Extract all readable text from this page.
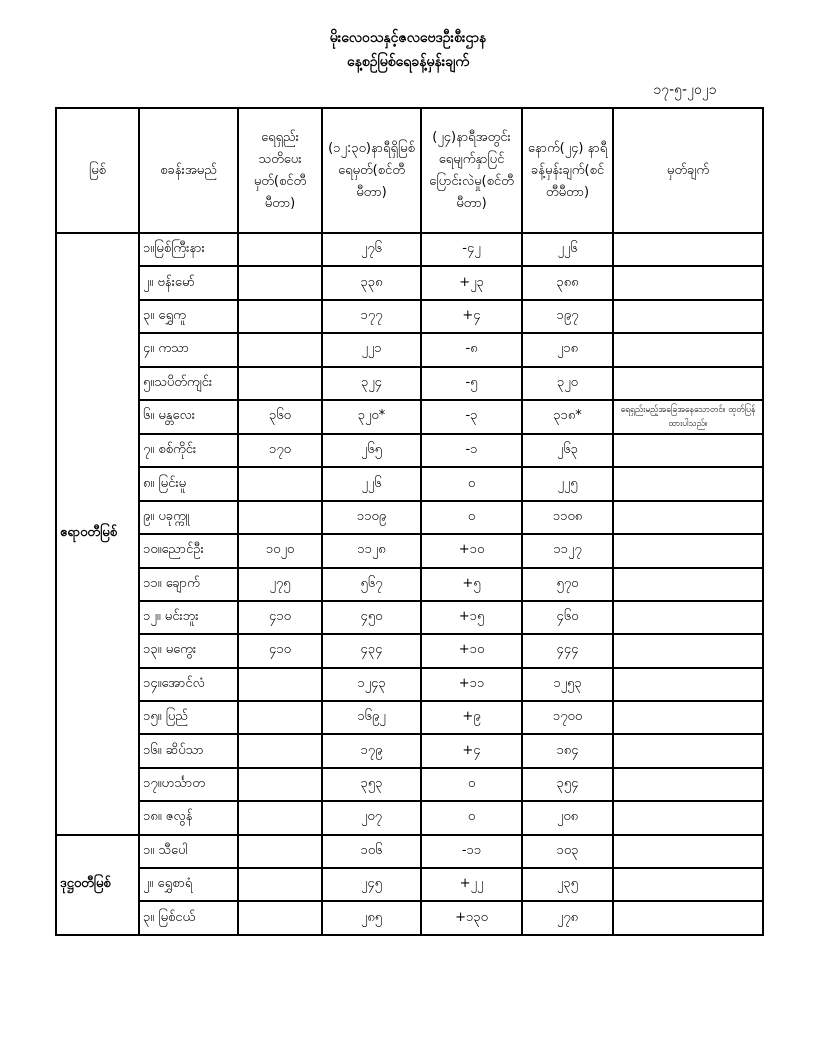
မိုးလေဝသနှင့်ဇလဗေဒဦးစီးဌာန
နေ့စဉ်မြစ်ရေခန့်မှန်းချက်
၁၇-၅-၂၀၂၁
မြစ်	စခန်းအမည်	ရေရှည်းသတိပေးမှတ်(စင်တီမီတာ)	(၁၂:၃၀)နာရီရှိမြစ်ရေမှတ်(စင်တီမီတာ)	(၂၄)နာရီအတွင်းရေမျက်နှာပြင်ပြောင်းလဲမှု(စင်တီမီတာ)	နောက်(၂၄) နာရီခန့်မှန်းချက်(စင်တီမီတာ)	မှတ်ချက်
ဧရာဝတီမြစ်	၁။မြစ်ကြီးနား		၂၇၆	-၄၂	၂၂၆	
	၂။ ဗန်းမော်		၃၃၈	+၂၃	၃၈၈	
	၃။ ရွှေကူ		၁၇၇	+၄	၁၉၇	
	၄။ ကသာ		၂၂၁	-၈	၂၁၈	
	၅။သပိတ်ကျင်း		၃၂၄	-၅	၃၂၀	
	၆။ မန္တလေး	၃၆၀	၃၂၀*	-၃	၃၁၈*	ရေရှည်းမည့်အခြေအနေသောတင်။ ထုတ်ပြန်ထားပါသည်။
	၇။ စစ်ကိုင်း	၁၇၀	၂၆၅	-၁	၂၆၃	
	၈။ မြင်းမူ		၂၂၆	၀	၂၂၅	
	၉။ ပခုက္ကူ		၁၁၀၉	၀	၁၁၀၈	
	၁၀။ညောင်ဦး	၁၀၂၀	၁၁၂၈	+၁၀	၁၁၂၇	
	၁၁။ ချောက်	၂၇၅	၅၆၇	+၅	၅၇၀	
	၁၂။ မင်းဘူး	၄၁၀	၄၅၀	+၁၅	၄၆၀	
	၁၃။ မကွေး	၄၁၀	၄၃၄	+၁၀	၄၄၄	
	၁၄။အောင်လံ		၁၂၄၃	+၁၁	၁၂၅၃	
	၁၅။ ပြည်		၁၆၉၂	+၉	၁၇၀၀	
	၁၆။ ဆိပ်သာ		၁၇၉	+၄	၁၈၄	
	၁၇။ဟင်္သာတ		၃၅၃	၀	၃၅၄	
	၁၈။ ဇလွန်		၂၀၇	၀	၂၀၈	
ဒုဋ္ဌဝတီမြစ်	၁။ သီပေါ		၁၀၆	-၁၁	၁၀၃	
	၂။ ရွှေစာရံ		၂၄၅	+၂၂	၂၃၅	
	၃။ မြစ်ငယ်		၂၈၅	+၁၃၀	၂၇၈	
